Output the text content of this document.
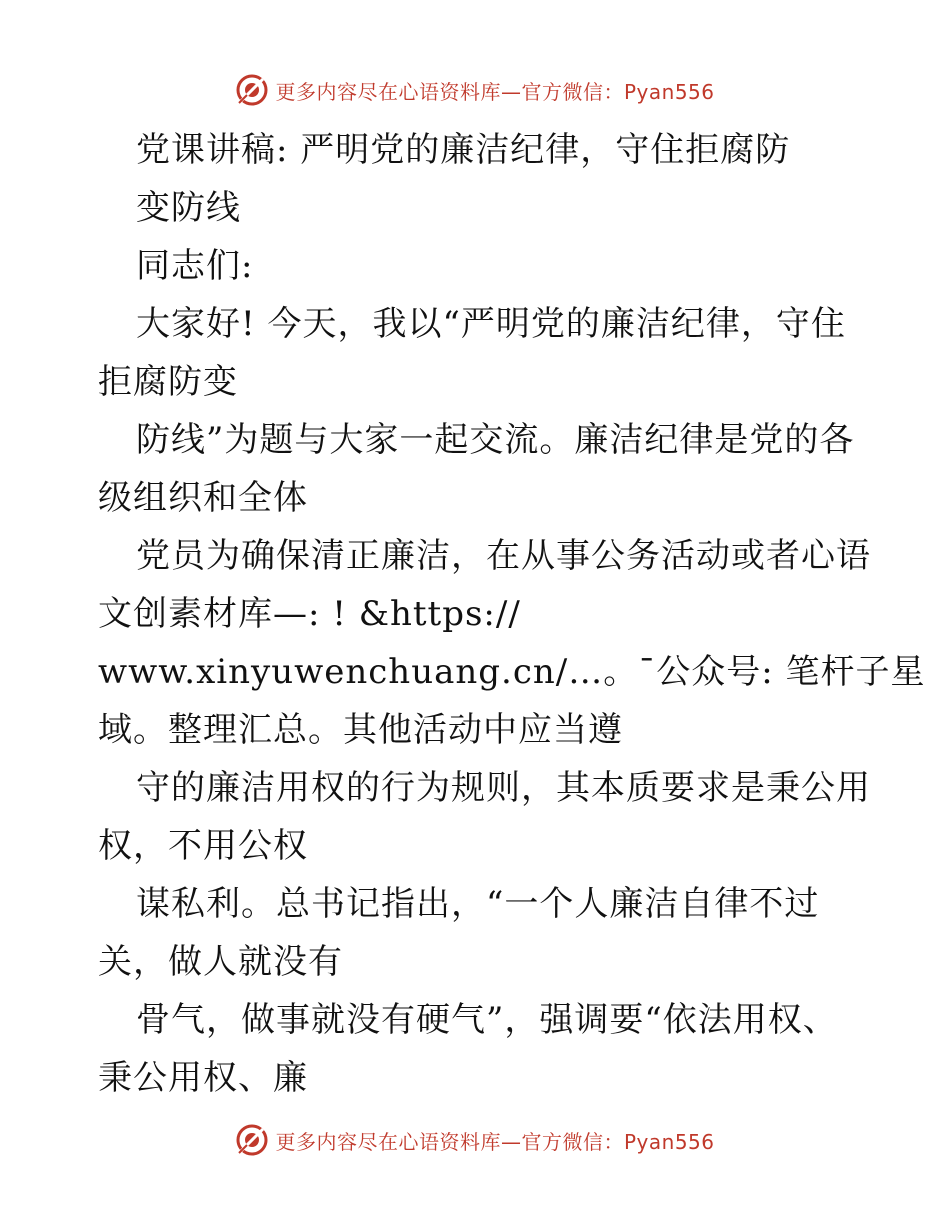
更多内容尽在心语资料库—官方微信：Pyan556
党课讲稿: 严明党的廉洁纪律，守住拒腐防
变防线
同志们:
大家好! 今天，我以“严明党的廉洁纪律，守住
拒腐防变
防线”为题与大家一起交流。廉洁纪律是党的各
级组织和全体
党员为确保清正廉洁，在从事公务活动或者心语
文创素材库—: ! &https://
www.xinyuwenchuang.cn/…。¯公众号: 笔杆子星
域。整理汇总。其他活动中应当遵
守的廉洁用权的行为规则，其本质要求是秉公用
权，不用公权
谋私利。总书记指出，“一个人廉洁自律不过
关，做人就没有
骨气，做事就没有硬气”，强调要“依法用权、
秉公用权、廉
更多内容尽在心语资料库—官方微信：Pyan556
